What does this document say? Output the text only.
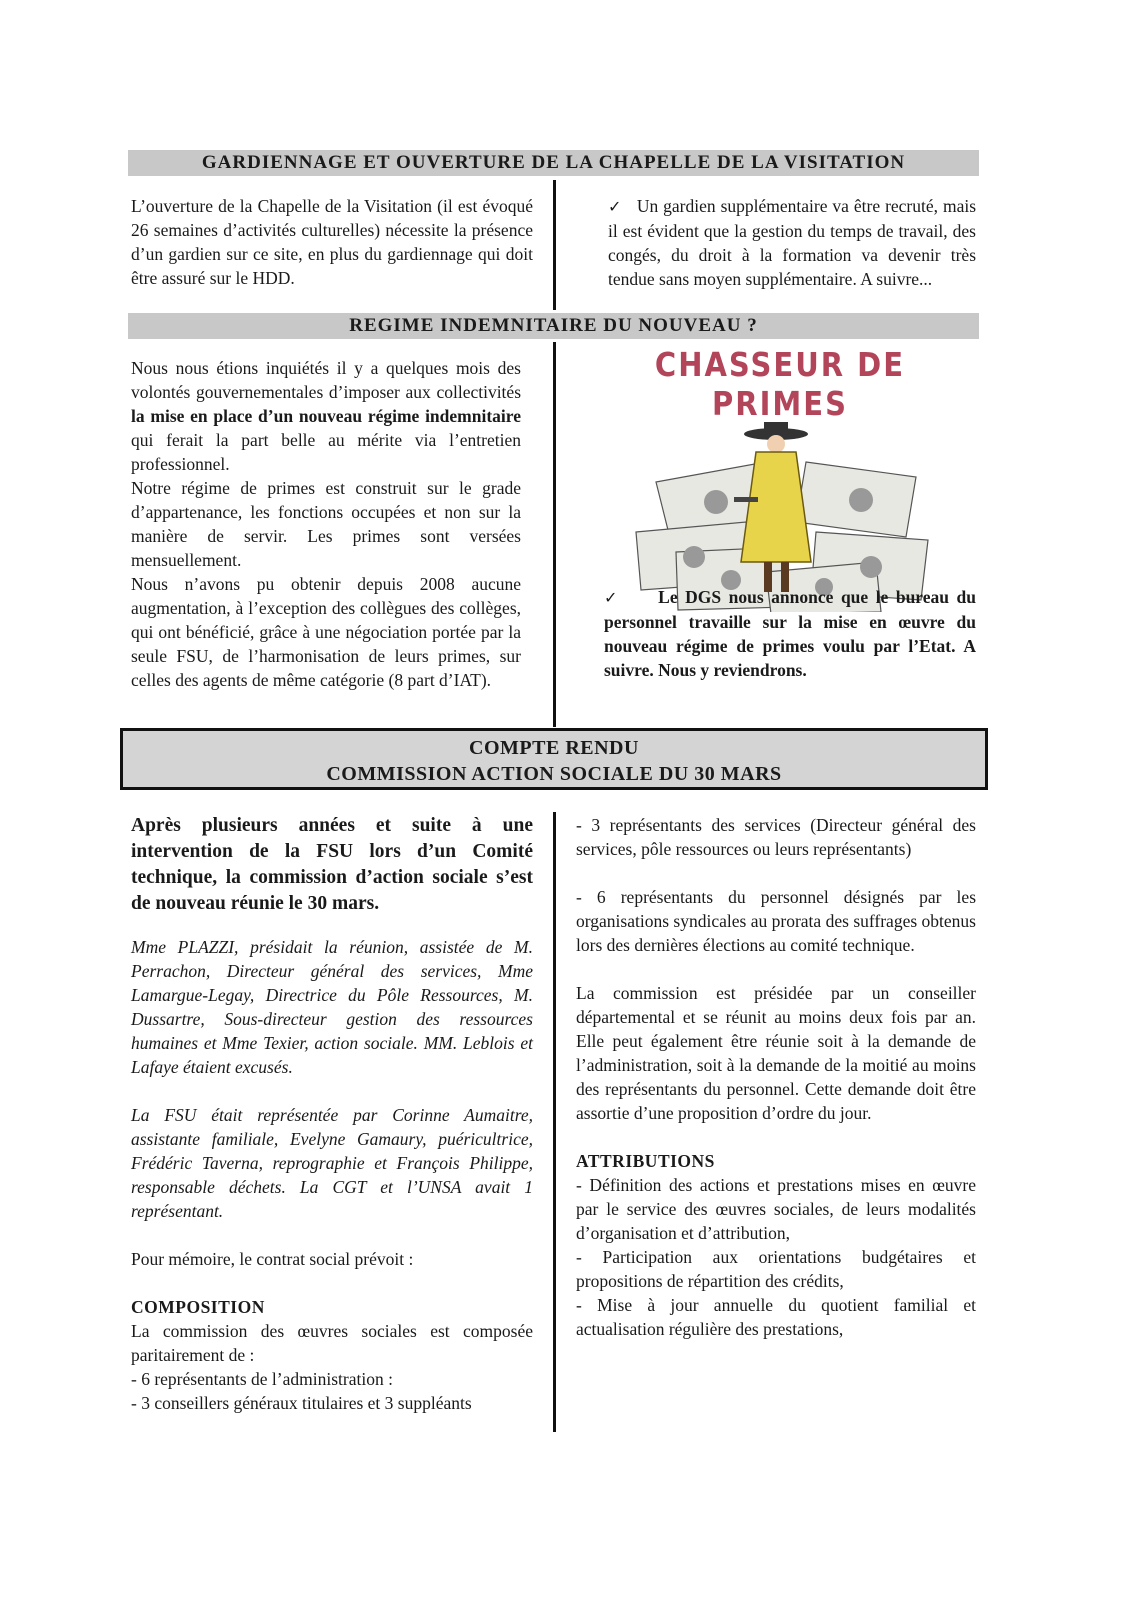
GARDIENNAGE ET OUVERTURE DE LA CHAPELLE DE LA VISITATION

L’ouverture de la Chapelle de la Visitation (il est évoqué 26 semaines d’activités culturelles) nécessite la présence d’un gardien sur ce site, en plus du gardiennage qui doit être assuré sur le HDD.

✓ Un gardien supplémentaire va être recruté, mais il est évident que la gestion du temps de travail, des congés, du droit à la formation va devenir très tendue sans moyen supplémentaire. A suivre...

REGIME INDEMNITAIRE DU NOUVEAU ?

Nous nous étions inquiétés il y a quelques mois des volontés gouvernementales d’imposer aux collectivités la mise en place d’un nouveau régime indemnitaire qui ferait la part belle au mérite via l’entretien professionnel.

Notre régime de primes est construit sur le grade d’appartenance, les fonctions occupées et non sur la manière de servir. Les primes sont versées mensuellement.

Nous n’avons pu obtenir depuis 2008 aucune augmentation, à l’exception des collègues des collèges, qui ont bénéficié, grâce à une négociation portée par la seule FSU, de l’harmonisation de leurs primes, sur celles des agents de même catégorie (8 part d’IAT).

CHASSEUR DE PRIMES

✓ Le DGS nous annonce que le bureau du personnel travaille sur la mise en œuvre du nouveau régime de primes voulu par l’Etat. A suivre. Nous y reviendrons.

COMPTE RENDU
COMMISSION ACTION SOCIALE DU 30 MARS

Après plusieurs années et suite à une intervention de la FSU lors d’un Comité technique, la commission d’action sociale s’est de nouveau réunie le 30 mars.

Mme PLAZZI, présidait la réunion, assistée de M. Perrachon, Directeur général des services, Mme Lamargue-Legay, Directrice du Pôle Ressources, M. Dussartre, Sous-directeur gestion des ressources humaines et Mme Texier, action sociale. MM. Leblois et Lafaye étaient excusés.

La FSU était représentée par Corinne Aumaitre, assistante familiale, Evelyne Gamaury, puéricultrice, Frédéric Taverna, reprographie et François Philippe, responsable déchets. La CGT et l’UNSA avait 1 représentant.

Pour mémoire, le contrat social prévoit :

COMPOSITION

La commission des œuvres sociales est composée paritairement de :

- 6 représentants de l’administration :

- 3 conseillers généraux titulaires et 3 suppléants

- 3 représentants des services (Directeur général des services, pôle ressources ou leurs représentants)

- 6 représentants du personnel désignés par les organisations syndicales au prorata des suffrages obtenus lors des dernières élections au comité technique.

La commission est présidée par un conseiller départemental et se réunit au moins deux fois par an. Elle peut également être réunie soit à la demande de l’administration, soit à la demande de la moitié au moins des représentants du personnel. Cette demande doit être assortie d’une proposition d’ordre du jour.

ATTRIBUTIONS

- Définition des actions et prestations mises en œuvre par le service des œuvres sociales, de leurs modalités d’organisation et d’attribution,

- Participation aux orientations budgétaires et propositions de répartition des crédits,

- Mise à jour annuelle du quotient familial et actualisation régulière des prestations,
